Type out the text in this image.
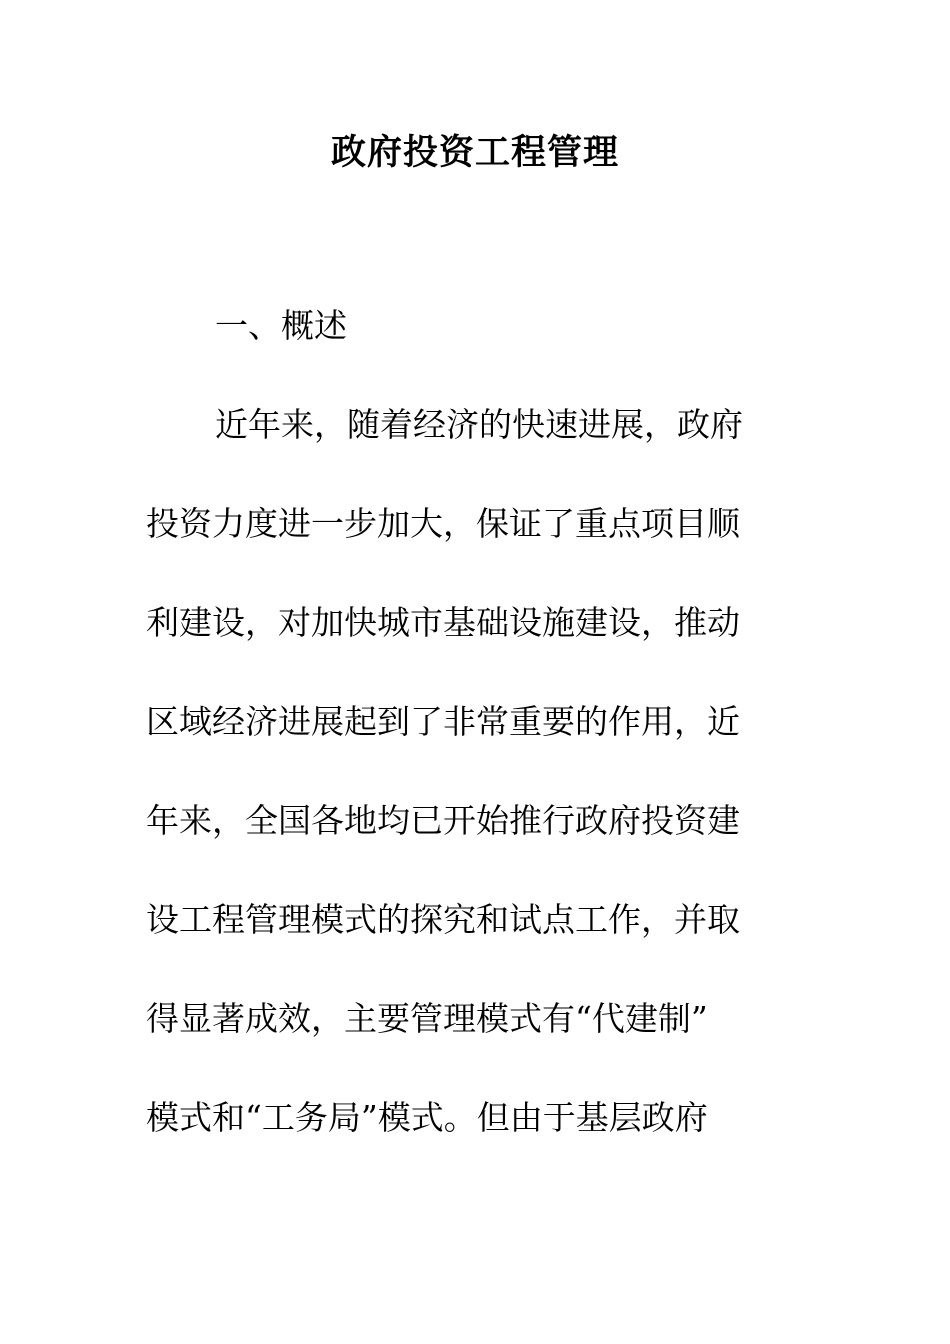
政府投资工程管理

一、概述

近年来，随着经济的快速进展，政府
投资力度进一步加大，保证了重点项目顺
利建设，对加快城市基础设施建设，推动
区域经济进展起到了非常重要的作用，近
年来，全国各地均已开始推行政府投资建
设工程管理模式的探究和试点工作，并取
得显著成效，主要管理模式有“代建制”
模式和“工务局”模式。但由于基层政府
